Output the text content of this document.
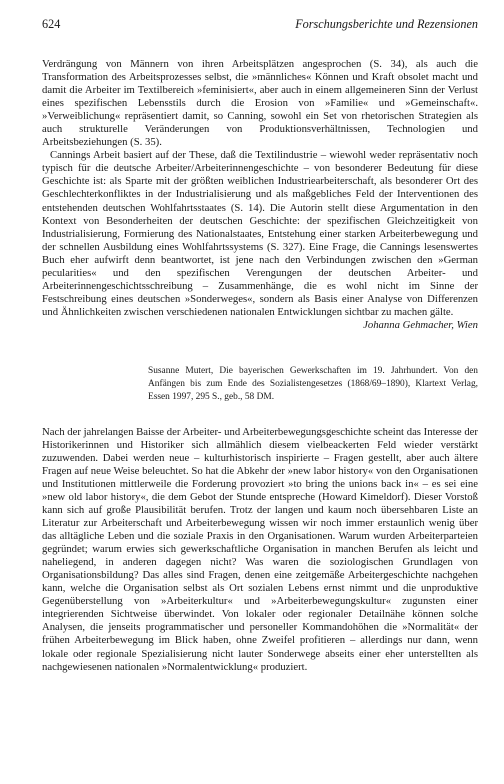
624	Forschungsberichte und Rezensionen

Verdrängung von Männern von ihren Arbeitsplätzen angesprochen (S. 34), als auch die Transformation des Arbeitsprozesses selbst, die »männliches« Können und Kraft obsolet macht und damit die Arbeiter im Textilbereich »feminisiert«, aber auch in einem allgemeineren Sinn der Verlust eines spezifischen Lebensstils durch die Erosion von »Familie« und »Gemeinschaft«. »Verweiblichung« repräsentiert damit, so Canning, sowohl ein Set von rhetorischen Strategien als auch strukturelle Veränderungen von Produktionsverhältnissen, Technologien und Arbeitsbeziehungen (S. 35).

Cannings Arbeit basiert auf der These, daß die Textilindustrie – wiewohl weder repräsentativ noch typisch für die deutsche Arbeiter/Arbeiterinnengeschichte – von besonderer Bedeutung für diese Geschichte ist: als Sparte mit der größten weiblichen Industriearbeiterschaft, als besonderer Ort des Geschlechterkonfliktes in der Industrialisierung und als maßgebliches Feld der Interventionen des entstehenden deutschen Wohlfahrtsstaates (S. 14). Die Autorin stellt diese Argumentation in den Kontext von Besonderheiten der deutschen Geschichte: der spezifischen Gleichzeitigkeit von Industrialisierung, Formierung des Nationalstaates, Entstehung einer starken Arbeiterbewegung und der schnellen Ausbildung eines Wohlfahrtssystems (S. 327). Eine Frage, die Cannings lesenswertes Buch eher aufwirft denn beantwortet, ist jene nach den Verbindungen zwischen den »German pecularities« und den spezifischen Verengungen der deutschen Arbeiter- und Arbeiterinnengeschichtsschreibung – Zusammenhänge, die es wohl nicht im Sinne der Festschreibung eines deutschen »Sonderweges«, sondern als Basis einer Analyse von Differenzen und Ähnlichkeiten zwischen verschiedenen nationalen Entwicklungen sichtbar zu machen gälte.

Johanna Gehmacher, Wien

Susanne Mutert, Die bayerischen Gewerkschaften im 19. Jahrhundert. Von den Anfängen bis zum Ende des Sozialistengesetzes (1868/69–1890), Klartext Verlag, Essen 1997, 295 S., geb., 58 DM.

Nach der jahrelangen Baisse der Arbeiter- und Arbeiterbewegungsgeschichte scheint das Interesse der Historikerinnen und Historiker sich allmählich diesem vielbeackerten Feld wieder verstärkt zuzuwenden. Dabei werden neue – kulturhistorisch inspirierte – Fragen gestellt, aber auch ältere Fragen auf neue Weise beleuchtet. So hat die Abkehr der »new labor history« von den Organisationen und Institutionen mittlerweile die Forderung provoziert »to bring the unions back in« – es sei eine »new old labor history«, die dem Gebot der Stunde entspreche (Howard Kimeldorf). Dieser Vorstoß kann sich auf große Plausibilität berufen. Trotz der langen und kaum noch übersehbaren Liste an Literatur zur Arbeiterschaft und Arbeiterbewegung wissen wir noch immer erstaunlich wenig über das alltägliche Leben und die soziale Praxis in den Organisationen. Warum wurden Arbeiterparteien gegründet; warum erwies sich gewerkschaftliche Organisation in manchen Berufen als leicht und naheliegend, in anderen dagegen nicht? Was waren die soziologischen Grundlagen von Organisationsbildung? Das alles sind Fragen, denen eine zeitgemäße Arbeitergeschichte nachgehen kann, welche die Organisation selbst als Ort sozialen Lebens ernst nimmt und die unproduktive Gegenüberstellung von »Arbeiterkultur« und »Arbeiterbewegungskultur« zugunsten einer integrierenden Sichtweise überwindet. Von lokaler oder regionaler Detailnähe können solche Analysen, die jenseits programmatischer und personeller Kommandohöhen die »Normalität« der frühen Arbeiterbewegung im Blick haben, ohne Zweifel profitieren – allerdings nur dann, wenn lokale oder regionale Spezialisierung nicht lauter Sonderwege abseits einer eher unterstellten als nachgewiesenen nationalen »Normalentwicklung« produziert.
